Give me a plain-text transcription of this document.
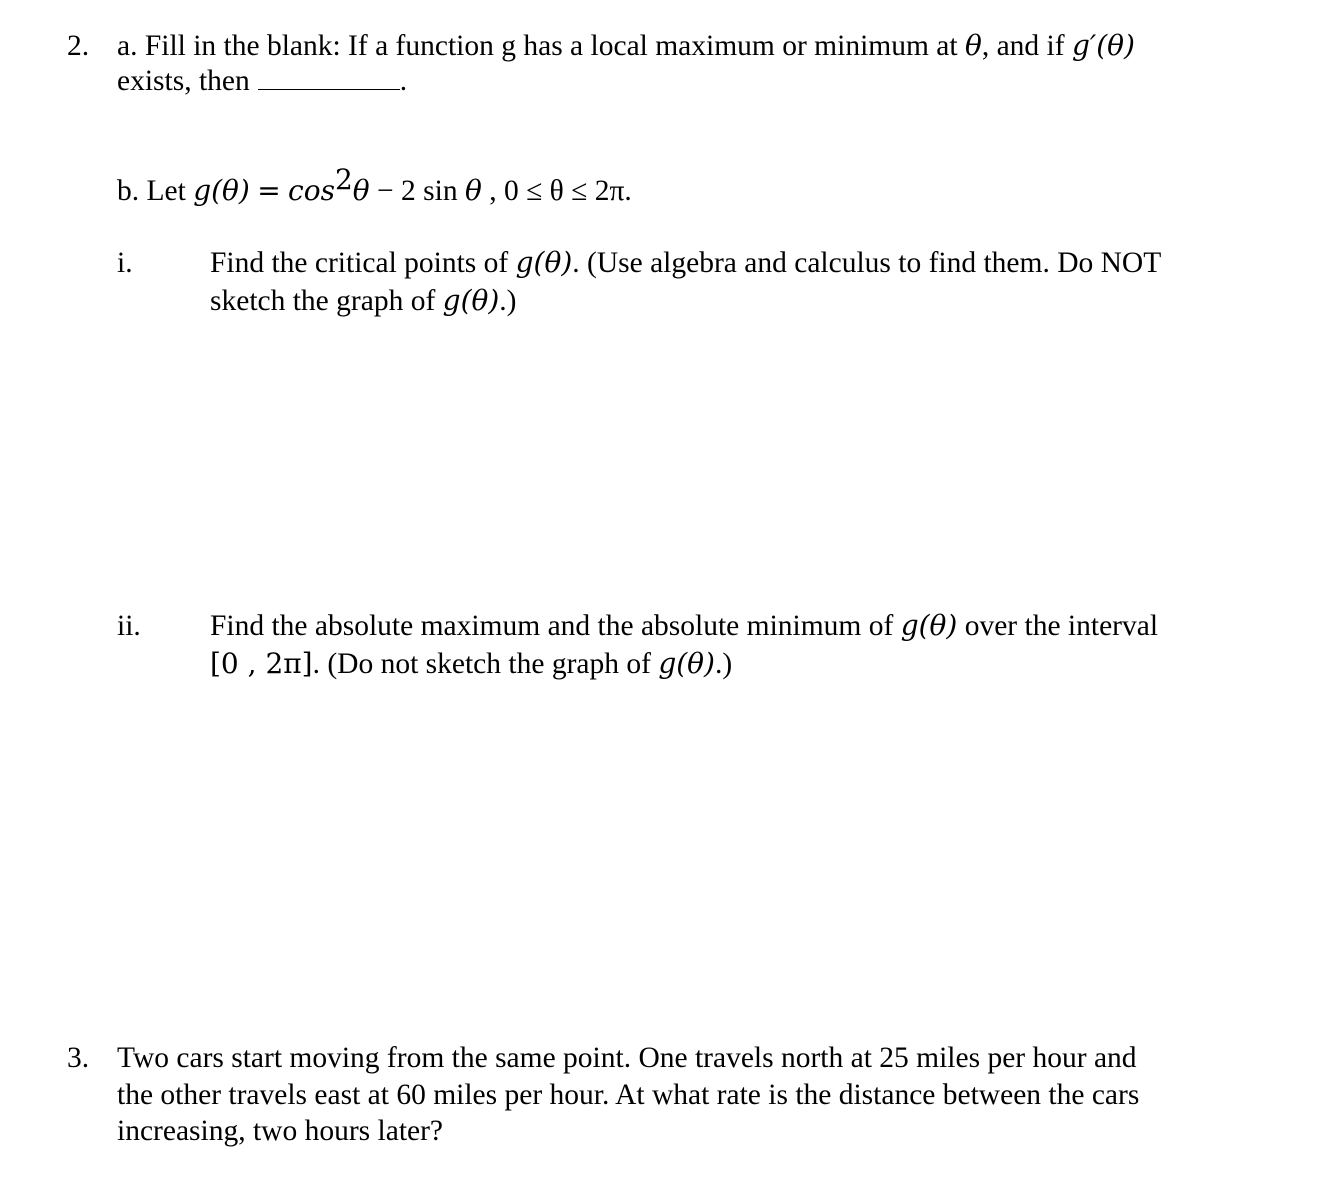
2. a. Fill in the blank: If a function g has a local maximum or minimum at θ, and if g′(θ)
exists, then	.
b. Let $g(\theta) = \cos^2\theta - 2$ sin θ , 0 ≤ θ ≤ 2π.
i.	Find the critical points of g(θ). (Use algebra and calculus to find them. Do NOT
sketch the graph of g(θ).)
ii. Find the absolute maximum and the absolute minimum of g(θ) over the interval
[0 , 2π]. (Do not sketch the graph of g(θ).)
3. Two cars start moving from the same point. One travels north at 25 miles per hour and
the other travels east at 60 miles per hour. At what rate is the distance between the cars
increasing, two hours later?
